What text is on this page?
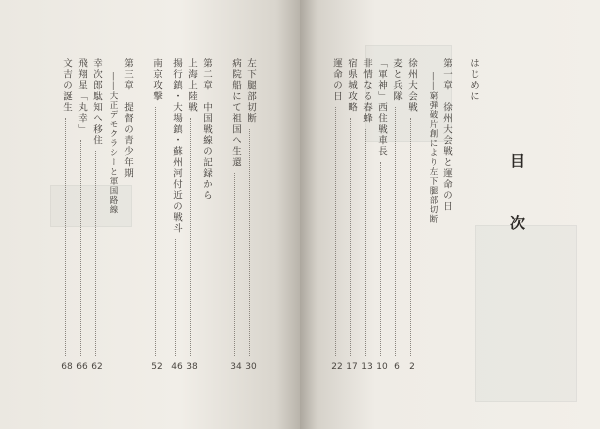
左下腿部切断
30
病院船にて祖国へ生還
34
第二章　中国戦線の記録から
上海上陸戦
38
揚行鎮・大場鎮・蘇州河付近の戦斗
46
南京攻撃
52
第三章　提督の青少年期
――大正デモクラシーと軍国路線
幸次郎駄知へ移住
62
飛翔星「丸幸」
66
文吉の誕生
68
はじめに
第一章　徐州大会戦と運命の日
――窮弾破片創により左下腿部切断
徐州大会戦
2
麦と兵隊
6
「軍神」西住戦車長
10
非情なる春蜂
13
宿県城攻略
17
運命の日
22
目
次
